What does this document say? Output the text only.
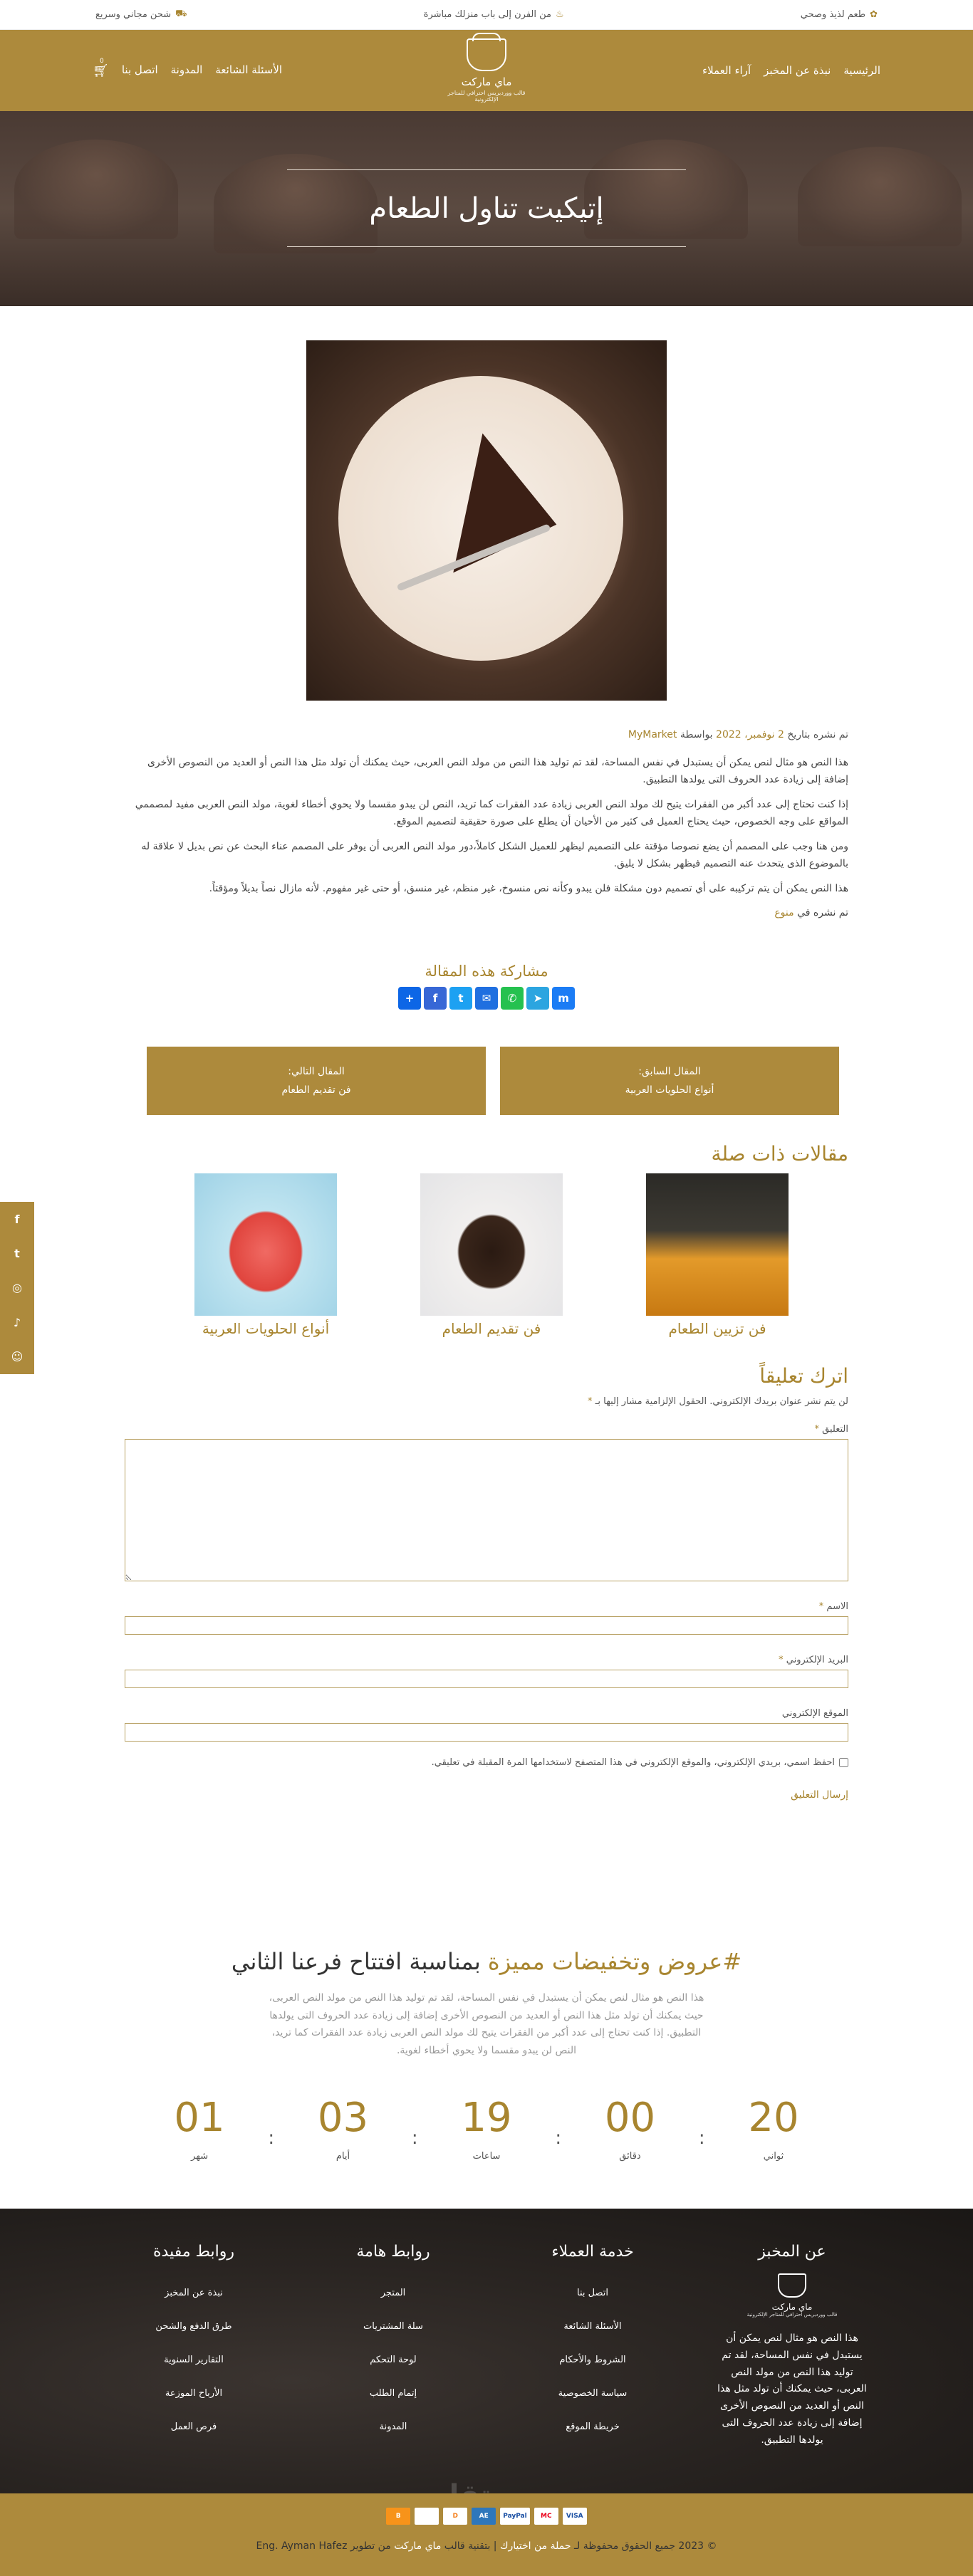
✿
طعم لذيذ وصحي
♨
من الفرن إلى باب منزلك مباشرة
⛟
شحن مجاني وسريع
الرئيسية
نبذة عن المخبز
آراء العملاء
ماي ماركت
قالب ووردبريس احترافي للمتاجر الإلكترونية
الأسئلة الشائعة
المدونة
اتصل بنا
🛒︎
0
إتيكيت تناول الطعام
تم نشره بتاريخ 2 نوفمبر، 2022 بواسطة MyMarket

هذا النص هو مثال لنص يمكن أن يستبدل في نفس المساحة، لقد تم توليد هذا النص من مولد النص العربى، حيث يمكنك أن تولد مثل هذا النص أو العديد من النصوص الأخرى إضافة إلى زيادة عدد الحروف التى يولدها التطبيق.

إذا كنت تحتاج إلى عدد أكبر من الفقرات يتيح لك مولد النص العربى زيادة عدد الفقرات كما تريد، النص لن يبدو مقسما ولا يحوي أخطاء لغوية، مولد النص العربى مفيد لمصممي المواقع على وجه الخصوص، حيث يحتاج العميل فى كثير من الأحيان أن يطلع على صورة حقيقية لتصميم الموقع.

ومن هنا وجب على المصمم أن يضع نصوصا مؤقتة على التصميم ليظهر للعميل الشكل كاملاً،دور مولد النص العربى أن يوفر على المصمم عناء البحث عن نص بديل لا علاقة له بالموضوع الذى يتحدث عنه التصميم فيظهر بشكل لا يليق.

هذا النص يمكن أن يتم تركيبه على أي تصميم دون مشكلة فلن يبدو وكأنه نص منسوخ، غير منظم، غير منسق، أو حتى غير مفهوم. لأنه مازال نصاً بديلاً ومؤقتاً.

تم نشره في منوع
مشاركة هذه المقالة
m
➤
✆
✉
t
f
+
المقال السابق:
أنواع الحلويات العربية
المقال التالي:
فن تقديم الطعام
مقالات ذات صلة
فن تزيين الطعام
فن تقديم الطعام
أنواع الحلويات العربية
اترك تعليقاً
لن يتم نشر عنوان بريدك الإلكتروني. الحقول الإلزامية مشار إليها بـ *
التعليق *
الاسم *
البريد الإلكتروني *
الموقع الإلكتروني
احفظ اسمي، بريدي الإلكتروني، والموقع الإلكتروني في هذا المتصفح لاستخدامها المرة المقبلة في تعليقي.
إرسال التعليق
#عروض وتخفيضات مميزة بمناسبة افتتاح فرعنا الثاني

هذا النص هو مثال لنص يمكن أن يستبدل في نفس المساحة، لقد تم توليد هذا النص من مولد النص العربى، حيث يمكنك أن تولد مثل هذا النص أو العديد من النصوص الأخرى إضافة إلى زيادة عدد الحروف التى يولدها التطبيق. إذا كنت تحتاج إلى عدد أكبر من الفقرات يتيح لك مولد النص العربى زيادة عدد الفقرات كما تريد، النص لن يبدو مقسما ولا يحوي أخطاء لغوية.

20
ثواني
:
00
دقائق
:
19
ساعات
:
03
أيام
:
01
شهر
عن المخبز
ماي ماركت
قالب ووردبريس احترافي للمتاجر الإلكترونية

هذا النص هو مثال لنص يمكن أن يستبدل في نفس المساحة، لقد تم توليد هذا النص من مولد النص العربى، حيث يمكنك أن تولد مثل هذا النص أو العديد من النصوص الأخرى إضافة إلى زيادة عدد الحروف التى يولدها التطبيق.

خدمة العملاء
اتصل بنا
الأسئلة الشائعة
الشروط والأحكام
سياسة الخصوصية
خريطة الموقع
روابط هامة
المتجر
سلة المشتريات
لوحة التحكم
إتمام الطلب
المدونة
روابط مفيدة
نبذة عن المخبز
طرق الدفع والشحن
التقارير السنوية
الأرباح الموزعة
فرص العمل
VISA
MC
PayPal
AE
D
B
© 2023 جميع الحقوق محفوظة لـ حملة من اختيارك | بتقنية قالب ماي ماركت من تطوير Eng. Ayman Hafez
f
t
◎
♪
☺
